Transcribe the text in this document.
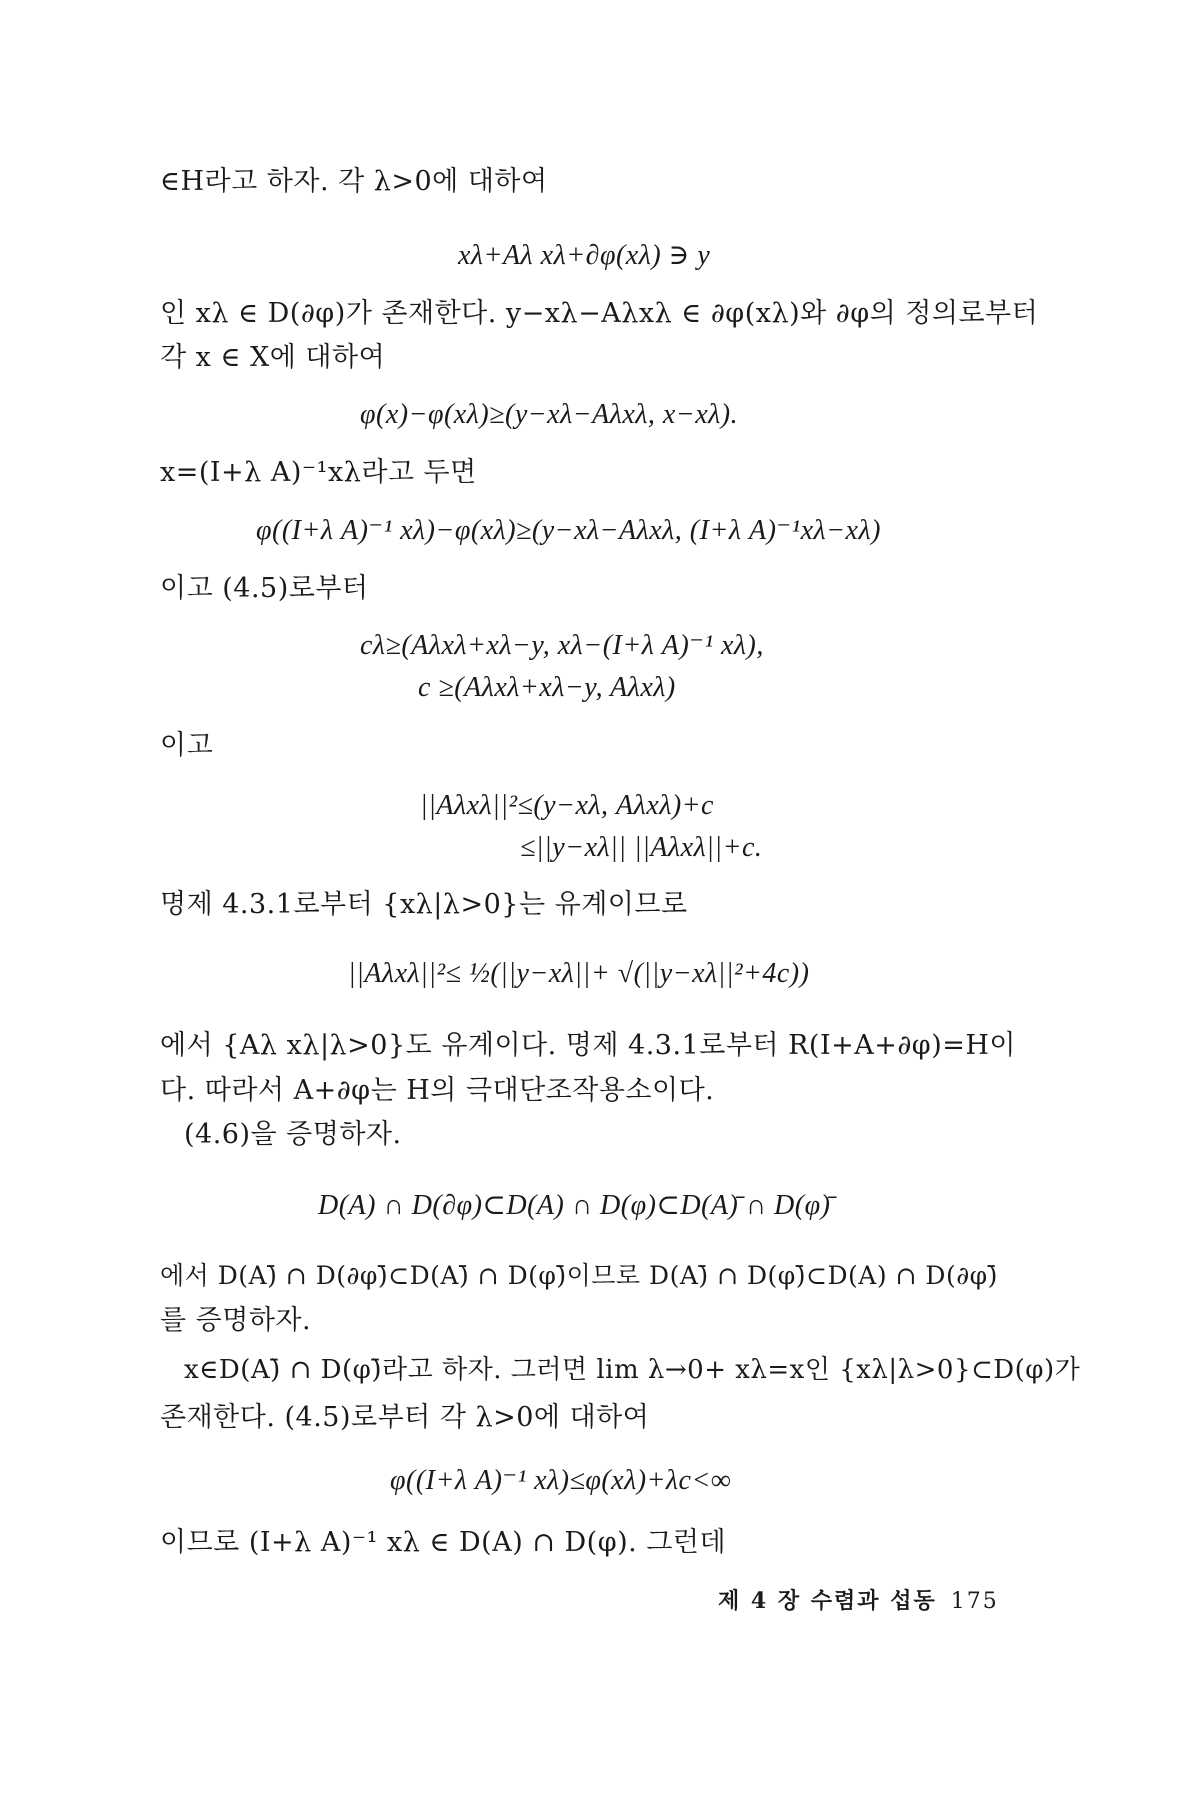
∈H라고 하자. 각 λ>0에 대하여
xλ+Aλ xλ+∂φ(xλ) ∋ y
인 xλ ∈ D(∂φ)가 존재한다. y−xλ−Aλxλ ∈ ∂φ(xλ)와 ∂φ의 정의로부터
각 x ∈ X에 대하여
φ(x)−φ(xλ)≥(y−xλ−Aλxλ, x−xλ).
x=(I+λ A)⁻¹xλ라고 두면
φ((I+λ A)⁻¹ xλ)−φ(xλ)≥(y−xλ−Aλxλ, (I+λ A)⁻¹xλ−xλ)
이고 (4.5)로부터
cλ≥(Aλxλ+xλ−y, xλ−(I+λ A)⁻¹ xλ),
c ≥(Aλxλ+xλ−y, Aλxλ)
이고
||Aλxλ||²≤(y−xλ, Aλxλ)+c
≤||y−xλ|| ||Aλxλ||+c.
명제 4.3.1로부터 {xλ|λ>0}는 유계이므로
||Aλxλ||²≤ ½(||y−xλ||+ √(||y−xλ||²+4c))
에서 {Aλ xλ|λ>0}도 유계이다. 명제 4.3.1로부터 R(I+A+∂φ)=H이
다. 따라서 A+∂φ는 H의 극대단조작용소이다.
(4.6)을 증명하자.
D(A) ∩ D(∂φ)⊂D(A) ∩ D(φ)⊂D(A)̄ ∩ D(φ)̄
에서 D(A)̄ ∩ D(∂φ)̄⊂D(A)̄ ∩ D(φ)̄이므로 D(A)̄ ∩ D(φ)̄⊂D(A) ∩ D(∂φ)̄
를 증명하자.
x∈D(A)̄ ∩ D(φ)̄라고 하자. 그러면 lim λ→0+ xλ=x인 {xλ|λ>0}⊂D(φ)가
존재한다. (4.5)로부터 각 λ>0에 대하여
φ((I+λ A)⁻¹ xλ)≤φ(xλ)+λc<∞
이므로 (I+λ A)⁻¹ xλ ∈ D(A) ∩ D(φ). 그런데
제 4 장 수렴과 섭동 175
